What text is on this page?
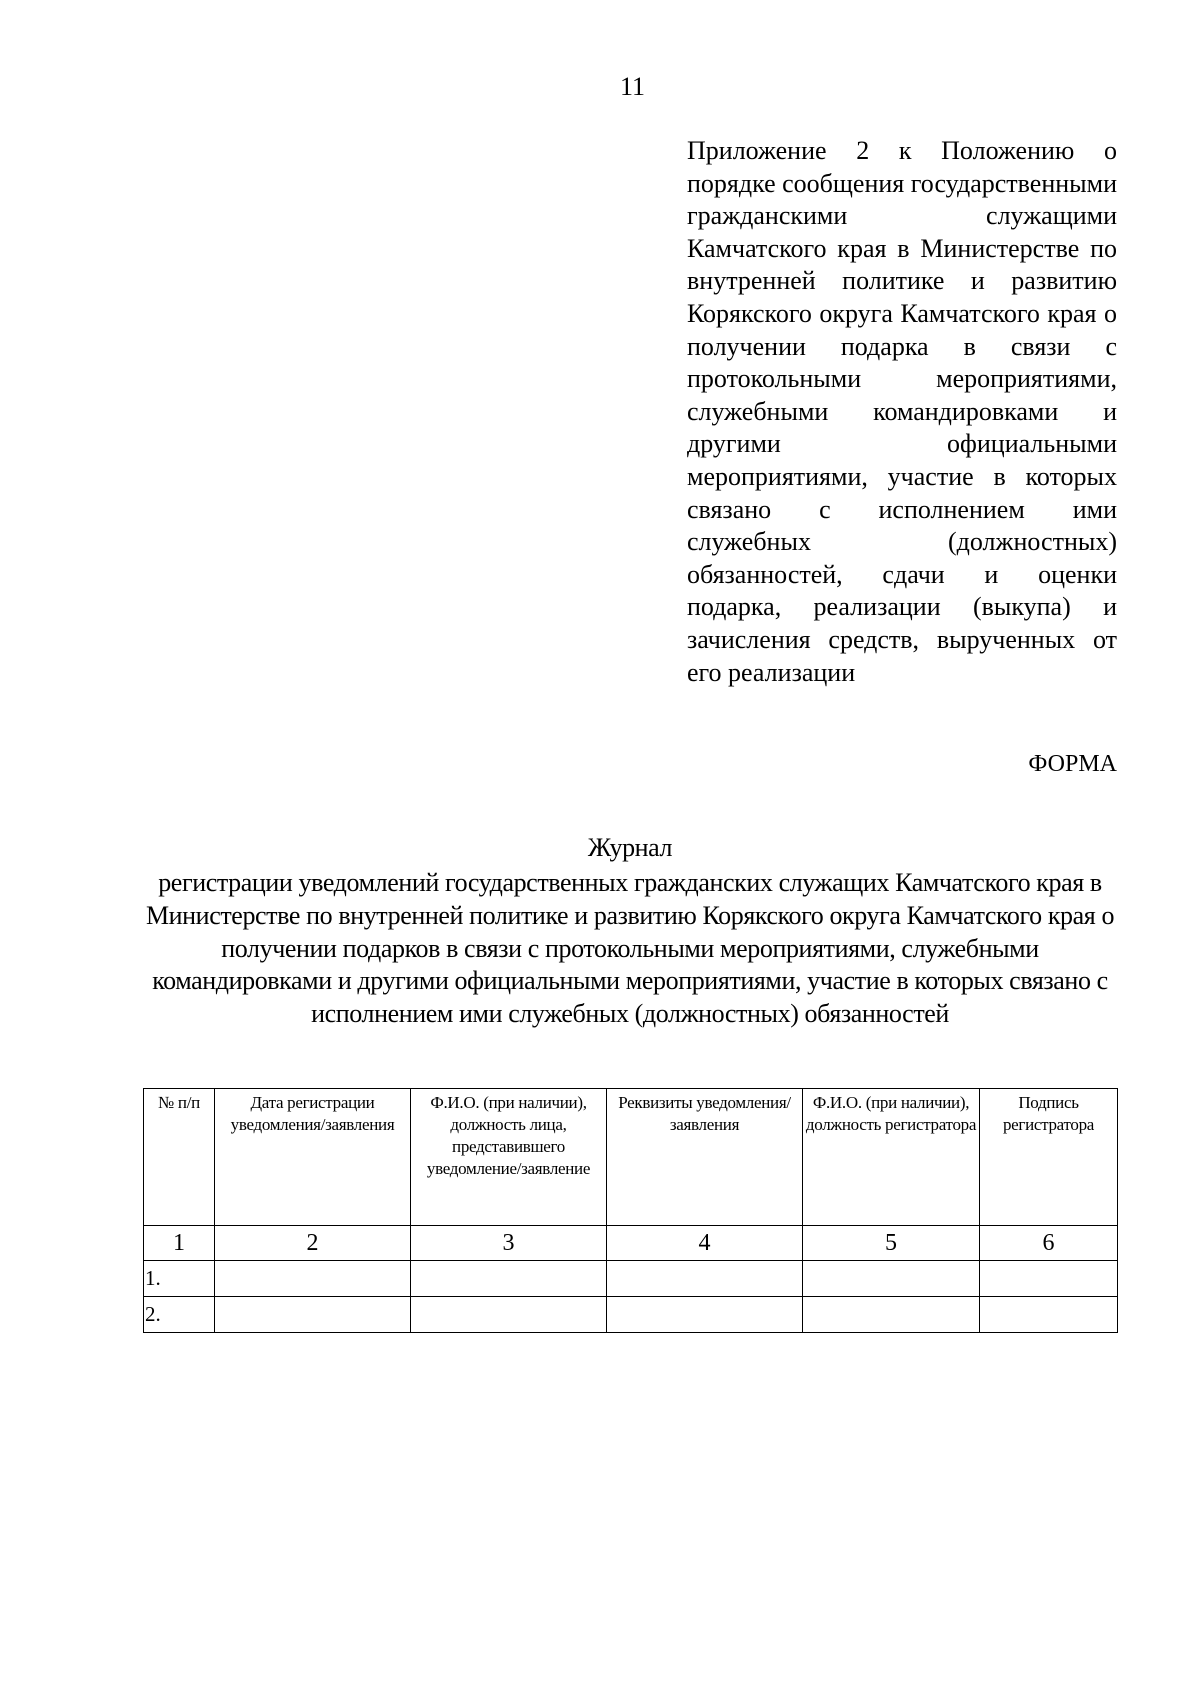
11
Приложение 2 к Положению о порядке сообщения государственными гражданскими служащими Камчатского края в Министерстве по внутренней политике и развитию Корякского округа Камчатского края о получении подарка в связи с протокольными мероприятиями, служебными командировками и другими официальными мероприятиями, участие в которых связано с исполнением ими служебных (должностных) обязанностей, сдачи и оценки подарка, реализации (выкупа) и зачисления средств, вырученных от его реализации
ФОРМА
Журнал
регистрации уведомлений государственных гражданских служащих Камчатского края в Министерстве по внутренней политике и развитию Корякского округа Камчатского края о получении подарков в связи с протокольными мероприятиями, служебными командировками и другими официальными мероприятиями, участие в которых связано с исполнением ими служебных (должностных) обязанностей
№ п/п	Дата регистрации уведомления/заявления	Ф.И.О. (при наличии), должность лица, представившего уведомление/заявление	Реквизиты уведомления/заявления	Ф.И.О. (при наличии), должность регистратора	Подпись регистратора
1	2	3	4	5	6
1.					
2.					
